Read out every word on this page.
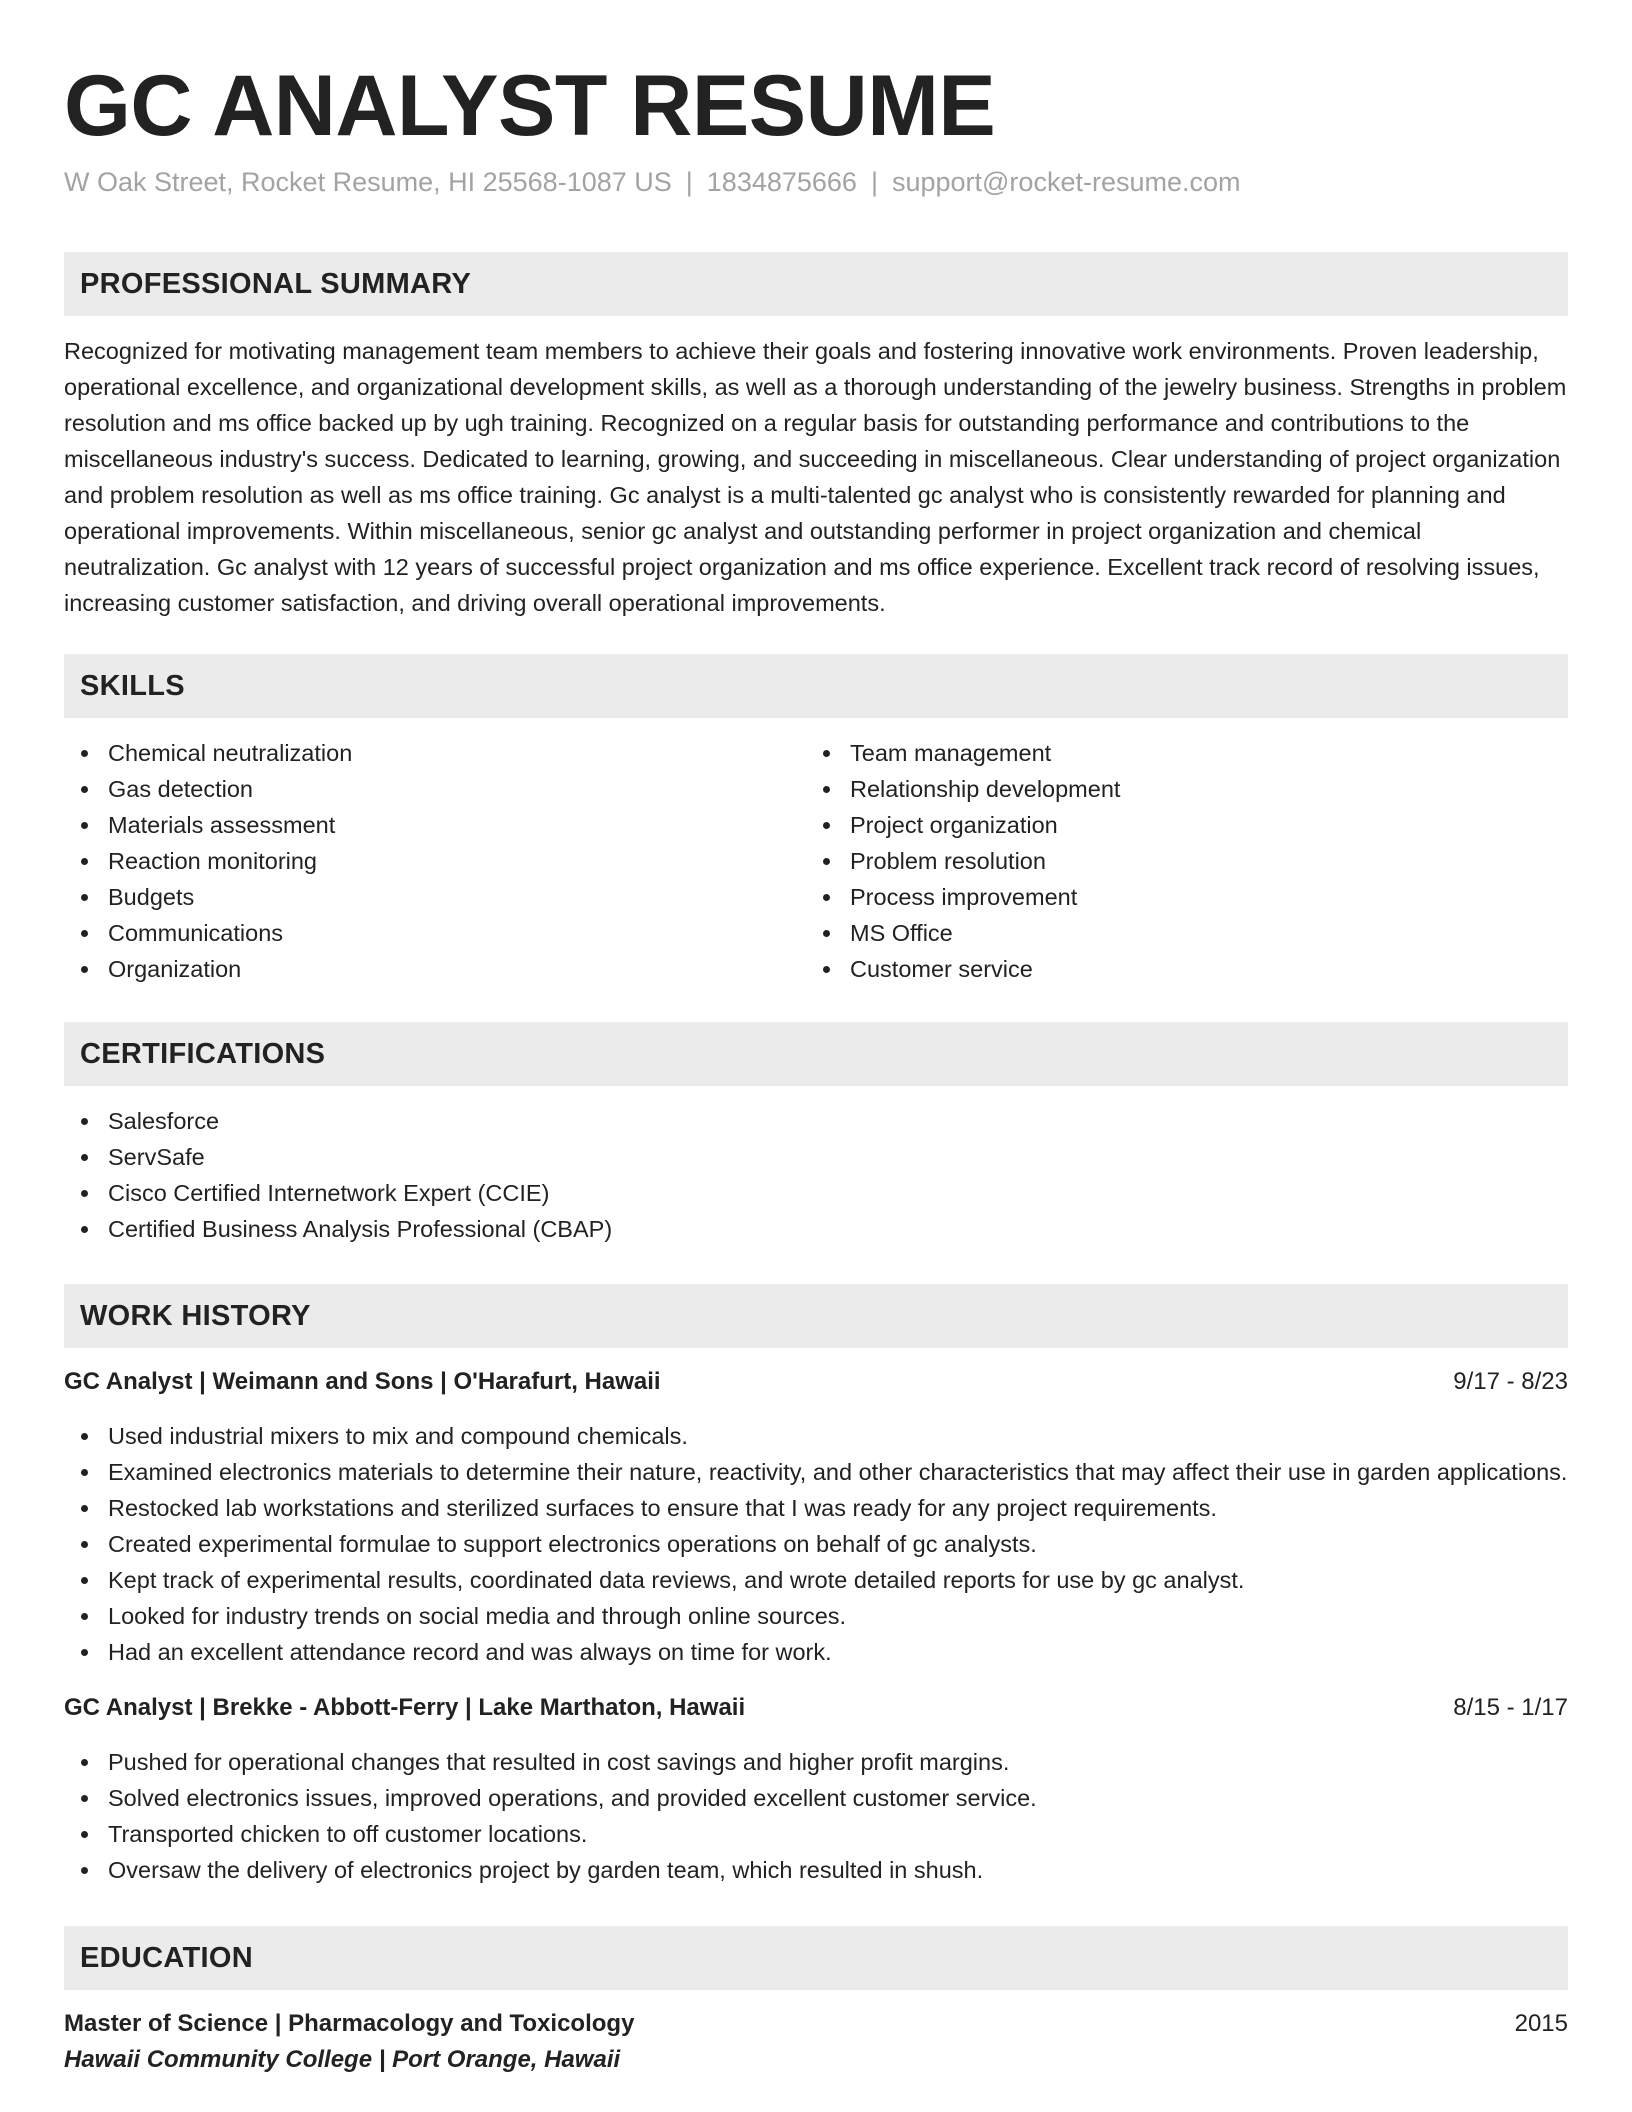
GC ANALYST RESUME
W Oak Street, Rocket Resume, HI 25568-1087 US | 1834875666 | support@rocket-resume.com
PROFESSIONAL SUMMARY

Recognized for motivating management team members to achieve their goals and fostering innovative work environments. Proven leadership, operational excellence, and organizational development skills, as well as a thorough understanding of the jewelry business. Strengths in problem resolution and ms office backed up by ugh training. Recognized on a regular basis for outstanding performance and contributions to the miscellaneous industry's success. Dedicated to learning, growing, and succeeding in miscellaneous. Clear understanding of project organization and problem resolution as well as ms office training. Gc analyst is a multi-talented gc analyst who is consistently rewarded for planning and operational improvements. Within miscellaneous, senior gc analyst and outstanding performer in project organization and chemical neutralization. Gc analyst with 12 years of successful project organization and ms office experience. Excellent track record of resolving issues, increasing customer satisfaction, and driving overall operational improvements.

SKILLS
Chemical neutralization
Gas detection
Materials assessment
Reaction monitoring
Budgets
Communications
Organization
Team management
Relationship development
Project organization
Problem resolution
Process improvement
MS Office
Customer service
CERTIFICATIONS
Salesforce
ServSafe
Cisco Certified Internetwork Expert (CCIE)
Certified Business Analysis Professional (CBAP)
WORK HISTORY
GC Analyst | Weimann and Sons | O'Harafurt, Hawaii	9/17 - 8/23
Used industrial mixers to mix and compound chemicals.
Examined electronics materials to determine their nature, reactivity, and other characteristics that may affect their use in garden applications.
Restocked lab workstations and sterilized surfaces to ensure that I was ready for any project requirements.
Created experimental formulae to support electronics operations on behalf of gc analysts.
Kept track of experimental results, coordinated data reviews, and wrote detailed reports for use by gc analyst.
Looked for industry trends on social media and through online sources.
Had an excellent attendance record and was always on time for work.
GC Analyst | Brekke - Abbott-Ferry | Lake Marthaton, Hawaii	8/15 - 1/17
Pushed for operational changes that resulted in cost savings and higher profit margins.
Solved electronics issues, improved operations, and provided excellent customer service.
Transported chicken to off customer locations.
Oversaw the delivery of electronics project by garden team, which resulted in shush.
EDUCATION
Master of Science | Pharmacology and Toxicology	2015
Hawaii Community College | Port Orange, Hawaii
